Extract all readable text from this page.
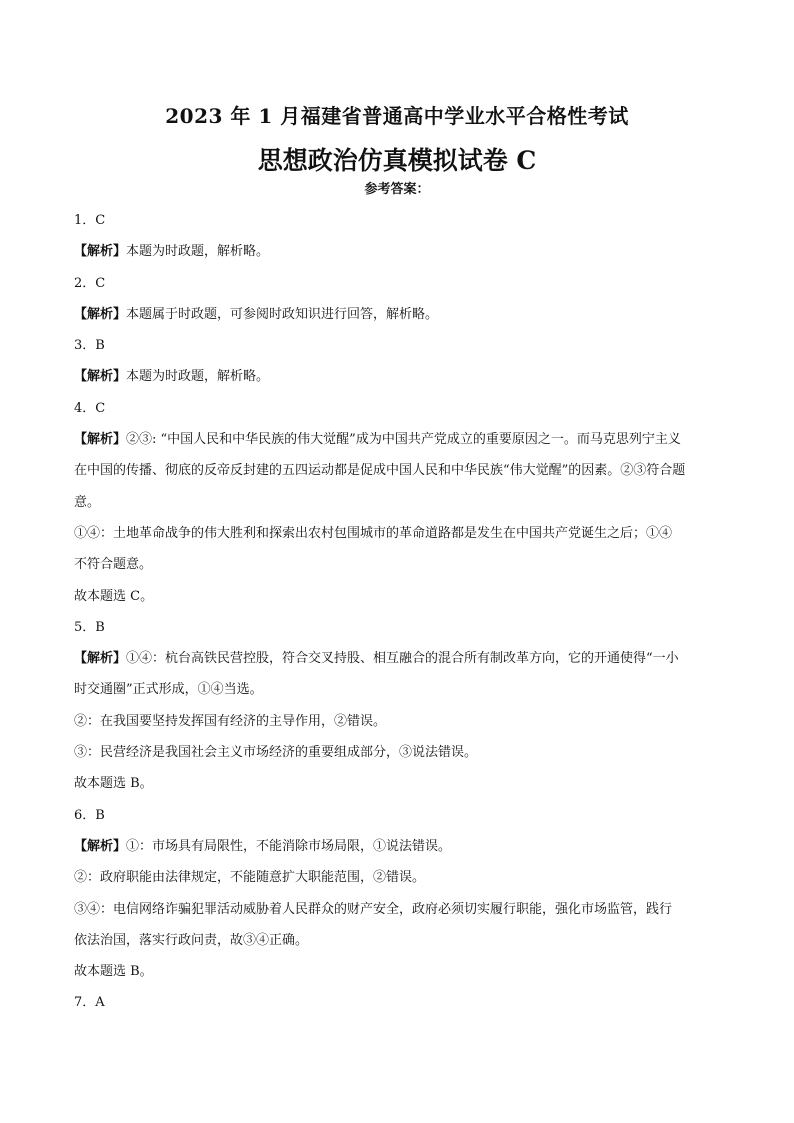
2023 年 1 月福建省普通高中学业水平合格性考试
思想政治仿真模拟试卷 C
参考答案：
1．C
【解析】本题为时政题，解析略。
2．C
【解析】本题属于时政题，可参阅时政知识进行回答，解析略。
3．B
【解析】本题为时政题，解析略。
4．C
【解析】②③: “中国人民和中华民族的伟大觉醒”成为中国共产党成立的重要原因之一。而马克思列宁主义
在中国的传播、彻底的反帝反封建的五四运动都是促成中国人民和中华民族“伟大觉醒”的因素。②③符合题
意。
①④：土地革命战争的伟大胜利和探索出农村包围城市的革命道路都是发生在中国共产党诞生之后；①④
不符合题意。
故本题选 C。
5．B
【解析】①④：杭台高铁民营控股，符合交叉持股、相互融合的混合所有制改革方向，它的开通使得“一小
时交通圈”正式形成，①④当选。
②：在我国要坚持发挥国有经济的主导作用，②错误。
③：民营经济是我国社会主义市场经济的重要组成部分，③说法错误。
故本题选 B。
6．B
【解析】①：市场具有局限性，不能消除市场局限，①说法错误。
②：政府职能由法律规定，不能随意扩大职能范围，②错误。
③④：电信网络诈骗犯罪活动威胁着人民群众的财产安全，政府必须切实履行职能，强化市场监管，践行
依法治国，落实行政问责，故③④正确。
故本题选 B。
7．A
